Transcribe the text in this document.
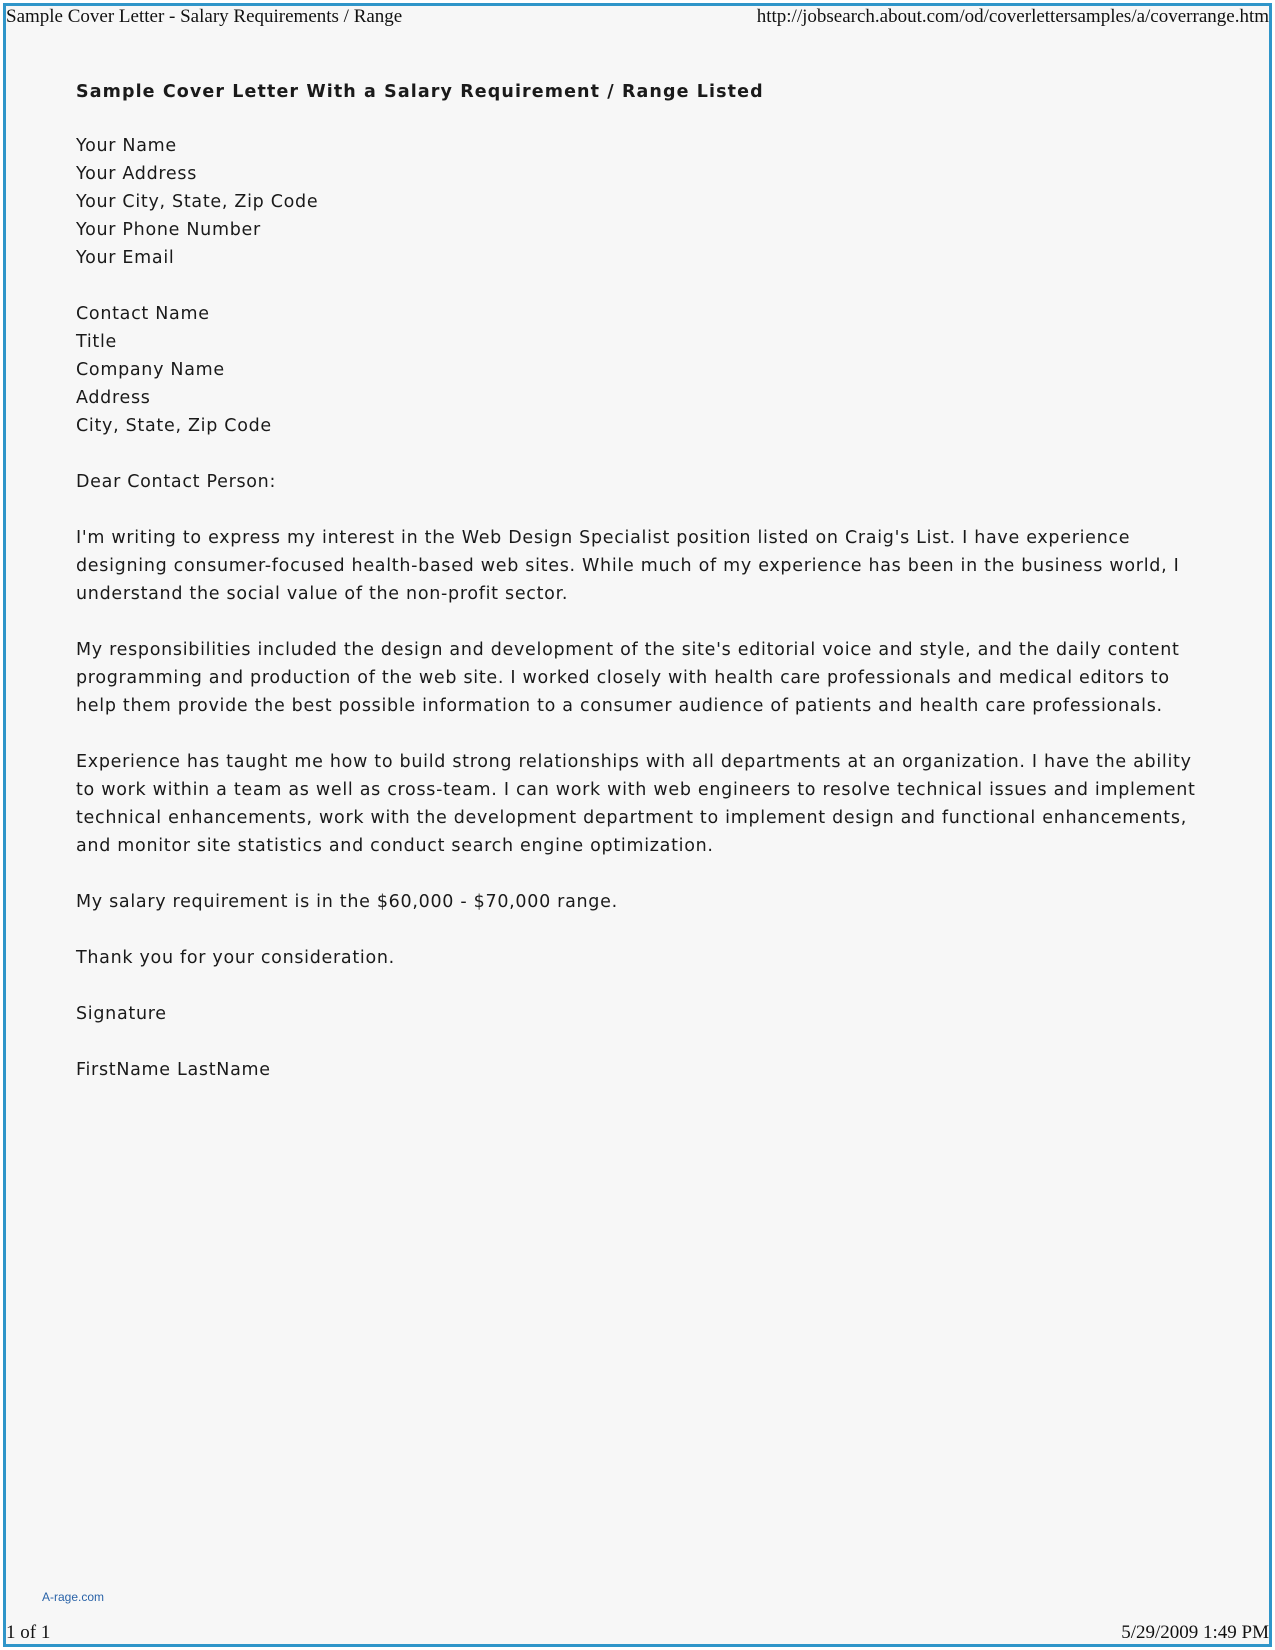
Sample Cover Letter - Salary Requirements / Range	http://jobsearch.about.com/od/coverlettersamples/a/coverrange.htm
Sample Cover Letter With a Salary Requirement / Range Listed
Your Name
Your Address
Your City, State, Zip Code
Your Phone Number
Your Email
Contact Name
Title
Company Name
Address
City, State, Zip Code

Dear Contact Person:

I'm writing to express my interest in the Web Design Specialist position listed on Craig's List. I have experience designing consumer-focused health-based web sites. While much of my experience has been in the business world, I understand the social value of the non-profit sector.

My responsibilities included the design and development of the site's editorial voice and style, and the daily content programming and production of the web site. I worked closely with health care professionals and medical editors to help them provide the best possible information to a consumer audience of patients and health care professionals.

Experience has taught me how to build strong relationships with all departments at an organization. I have the ability to work within a team as well as cross-team. I can work with web engineers to resolve technical issues and implement technical enhancements, work with the development department to implement design and functional enhancements, and monitor site statistics and conduct search engine optimization.

My salary requirement is in the $60,000 - $70,000 range.

Thank you for your consideration.

Signature

FirstName LastName

A-rage.com
1 of 1	5/29/2009 1:49 PM
